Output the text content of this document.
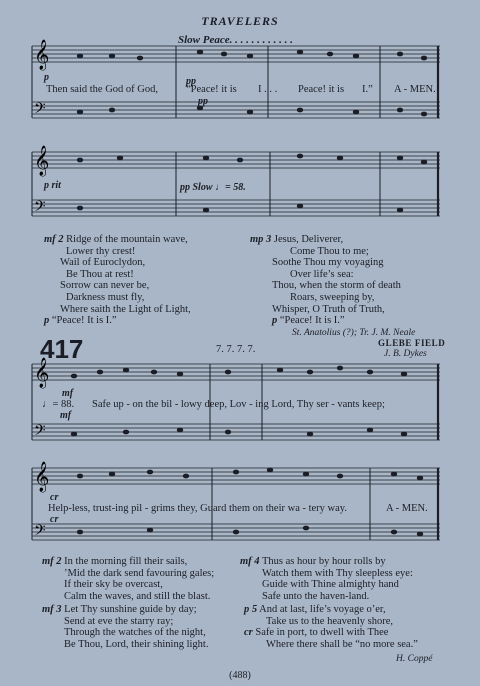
TRAVELERS
Slow Peace. . . . . . . . . . . .
𝄞
𝄢
𝄞
𝄢
𝄞
𝄢
𝄞
𝄢
p	pp
pp
p rit	pp Slow ♩= 58.
Then said the God of God,	“Peace! it is I . . . Peace! it is I.” A - MEN.
mf 2 Ridge of the mountain wave,
Lower thy crest!
Wail of Euroclydon,
Be Thou at rest!
Sorrow can never be,
Darkness must fly,
Where saith the Light of Light,
p “Peace! It is I.”
mp 3 Jesus, Deliverer,
Come Thou to me;
Soothe Thou my voyaging
Over life’s sea:
Thou, when the storm of death
Roars, sweeping by,
Whisper, O Truth of Truth,
p “Peace! It is I.”
St. Anatolius (?); Tr. J. M. Neale
417	7. 7. 7. 7.
GLEBE FIELD
J. B. Dykes
mf
mf
♩= 88. Safe up - on the bil - lowy deep, Lov - ing Lord, Thy ser - vants keep;
cr
cr
Help-less, trust-ing pil - grims they, Guard them on their wa - tery way.	A - MEN.
mf 2 In the morning fill their sails,
’Mid the dark send favouring gales;
If their sky be overcast,
Calm the waves, and still the blast.
mf 3 Let Thy sunshine guide by day;
Send at eve the starry ray;
Through the watches of the night,
Be Thou, Lord, their shining light.
mf 4 Thus as hour by hour rolls by
Watch them with Thy sleepless eye:
Guide with Thine almighty hand
Safe unto the haven-land.
p 5 And at last, life’s voyage o’er,
Take us to the heavenly shore,
cr Safe in port, to dwell with Thee
Where there shall be “no more sea.”
H. Coppé
(488)
